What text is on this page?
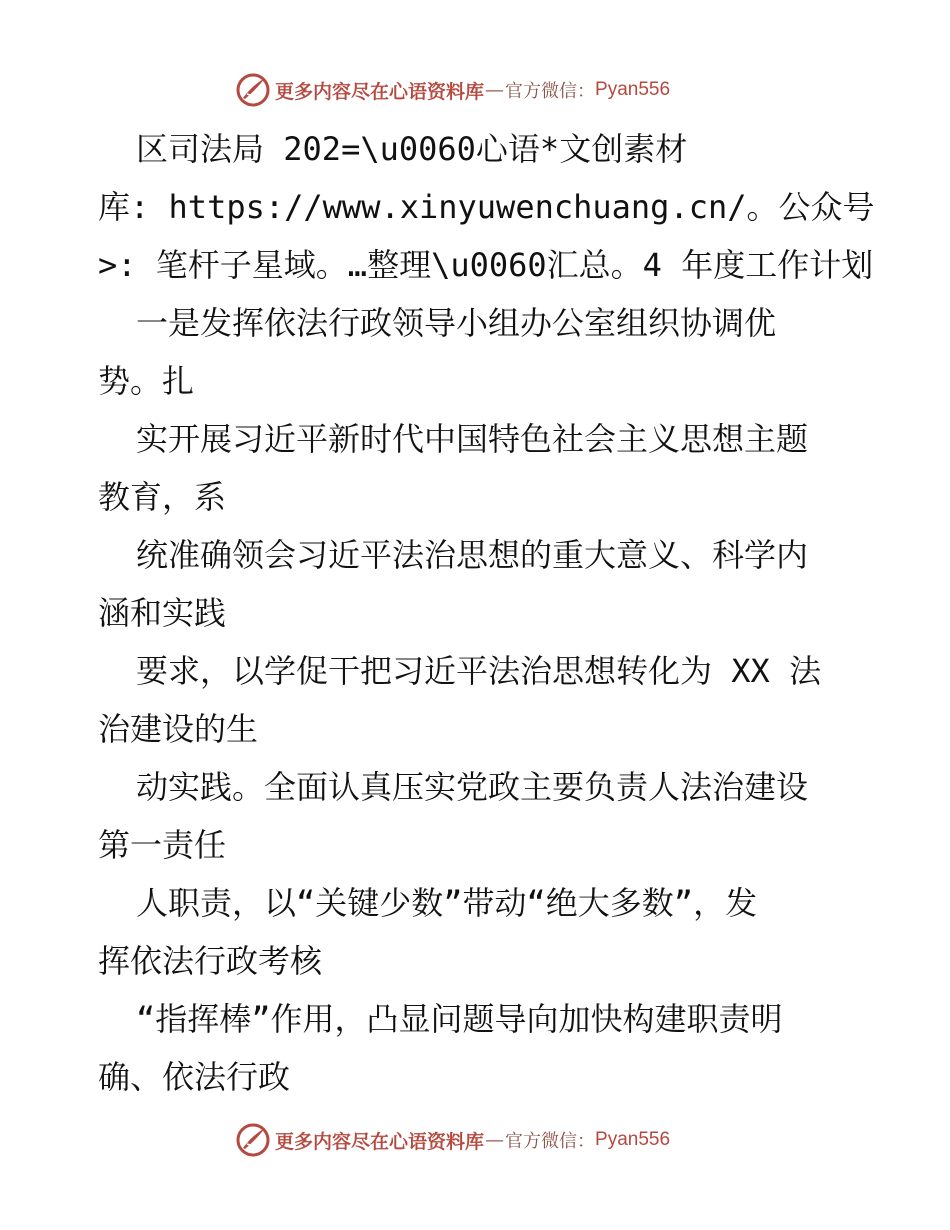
更多内容尽在心语资料库 — 官方微信： Pyan556
区司法局 202=\u0060心语*文创素材
库: https://www.xinyuwenchuang.cn/。公众号
>: 笔杆子星域。…整理\u0060汇总。4 年度工作计划
一是发挥依法行政领导小组办公室组织协调优
势。扎
实开展习近平新时代中国特色社会主义思想主题
教育，系
统准确领会习近平法治思想的重大意义、科学内
涵和实践
要求，以学促干把习近平法治思想转化为 XX 法
治建设的生
动实践。全面认真压实党政主要负责人法治建设
第一责任
人职责，以“关键少数”带动“绝大多数”，发
挥依法行政考核
“指挥棒”作用，凸显问题导向加快构建职责明
确、依法行政
更多内容尽在心语资料库 — 官方微信： Pyan556
